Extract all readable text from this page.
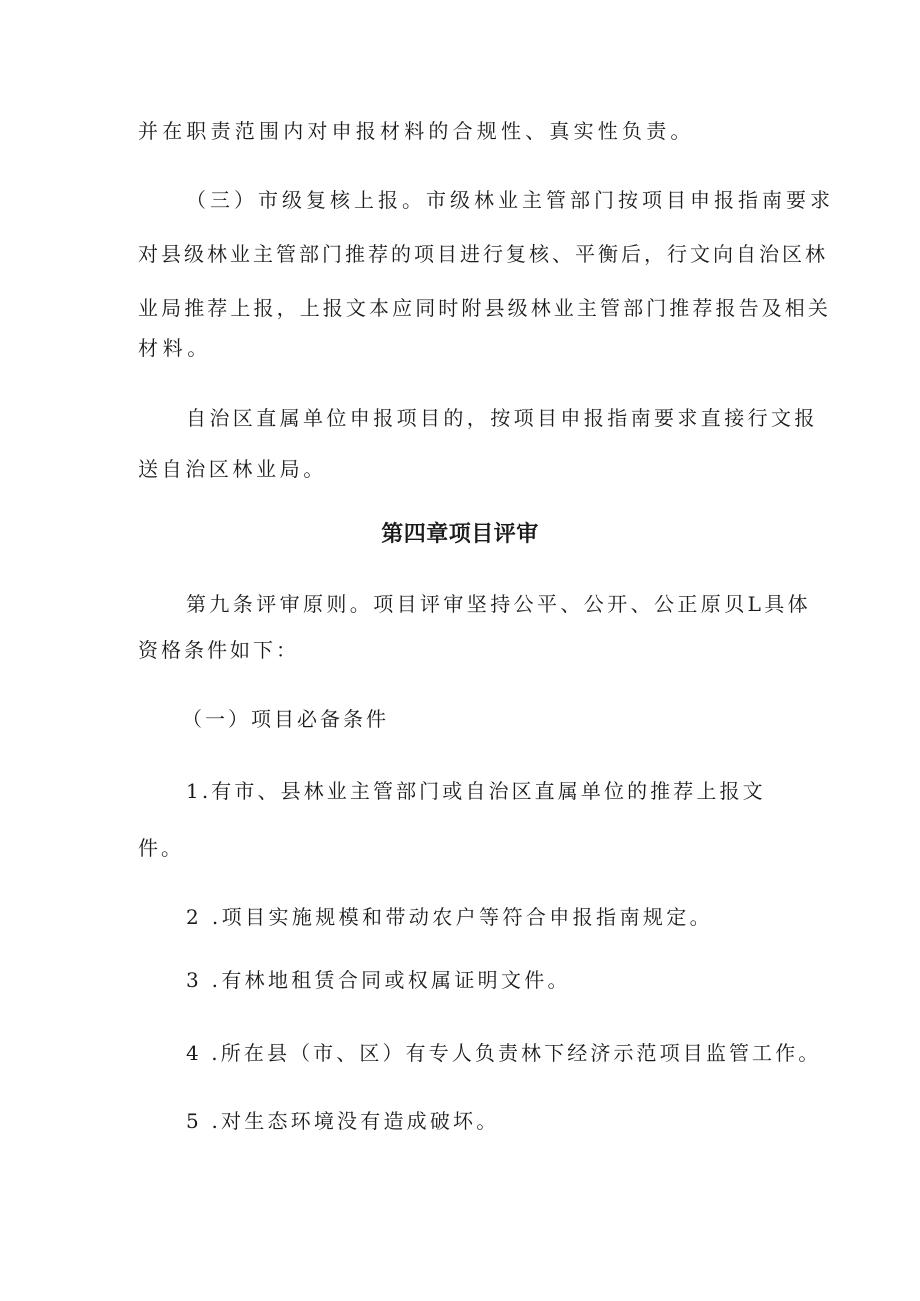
并在职责范围内对申报材料的合规性、真实性负责。
（三）市级复核上报。市级林业主管部门按项目申报指南要求
对县级林业主管部门推荐的项目进行复核、平衡后，行文向自治区林
业局推荐上报，上报文本应同时附县级林业主管部门推荐报告及相关
材料。
自治区直属单位申报项目的，按项目申报指南要求直接行文报
送自治区林业局。
第四章项目评审
第九条评审原则。项目评审坚持公平、公开、公正原贝L具体
资格条件如下：
（一）项目必备条件
1.有市、县林业主管部门或自治区直属单位的推荐上报文
件。
2 .项目实施规模和带动农户等符合申报指南规定。
3 .有林地租赁合同或权属证明文件。
4 .所在县（市、区）有专人负责林下经济示范项目监管工作。
5 .对生态环境没有造成破坏。
